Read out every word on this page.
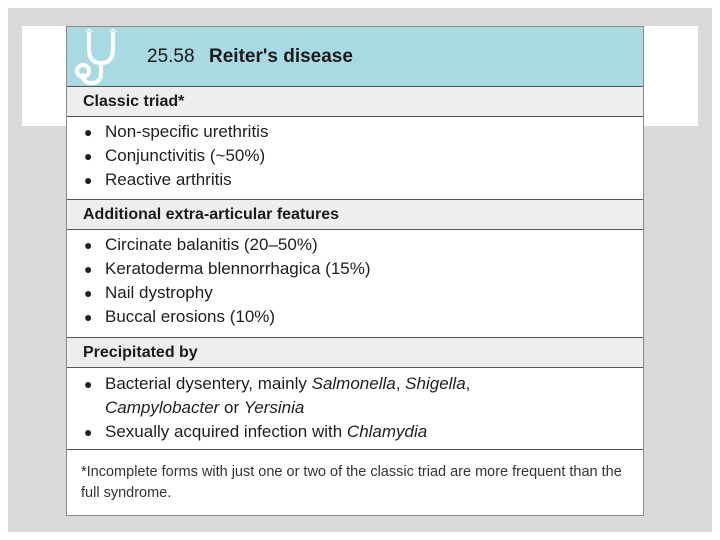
25.58 Reiter's disease
Classic triad*
● Non-specific urethritis
● Conjunctivitis (~50%)
● Reactive arthritis
Additional extra-articular features
● Circinate balanitis (20–50%)
● Keratoderma blennorrhagica (15%)
● Nail dystrophy
● Buccal erosions (10%)
Precipitated by
● Bacterial dysentery, mainly Salmonella, Shigella,
Campylobacter or Yersinia
● Sexually acquired infection with Chlamydia
*Incomplete forms with just one or two of the classic triad are more frequent than the full syndrome.
